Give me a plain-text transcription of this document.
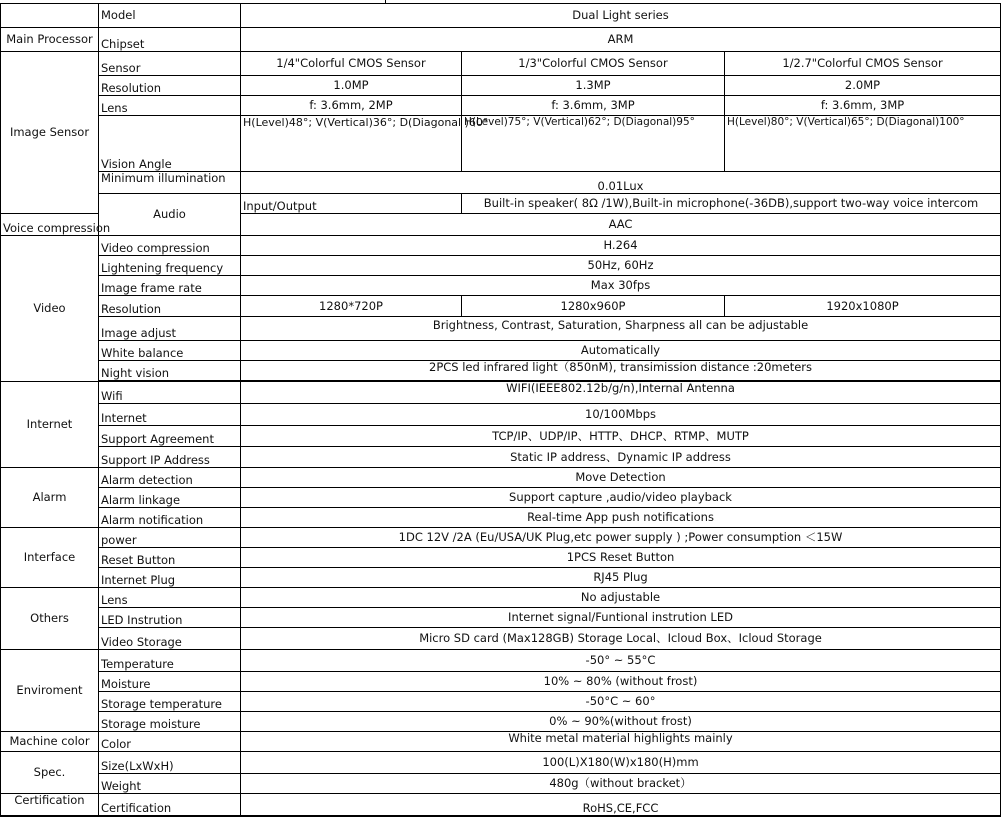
	Model	Dual Light series		
Main Processor	Chipset	ARM		
Image Sensor	Sensor	1/4"Colorful CMOS Sensor	1/3"Colorful CMOS Sensor	1/2.7"Colorful CMOS Sensor
	Resolution	1.0MP	1.3MP	2.0MP
	Lens	f: 3.6mm, 2MP	f: 3.6mm, 3MP	f: 3.6mm, 3MP
	Vision Angle	H(Level)48°; V(Vertical)36°; D(Diagonal )60°	H(Level)75°; V(Vertical)62°; D(Diagonal)95°	H(Level)80°; V(Vertical)65°; D(Diagonal)100°
	Minimum illumination	0.01Lux		
	Audio	Input/Output	Built-in speaker( 8Ω /1W),Built-in microphone(-36DB),support two-way voice intercom	
Voice compression		AAC		
Video	Video compression	H.264		
	Lightening frequency	50Hz, 60Hz		
	Image frame rate	Max 30fps		
	Resolution	1280*720P	1280x960P	1920x1080P
	Image adjust	Brightness, Contrast, Saturation, Sharpness all can be adjustable		
	White balance	Automatically		
	Night vision	2PCS led infrared light（850nM), transimission distance :20meters		

Internet	Wifi	WIFI(IEEE802.12b/g/n),Internal Antenna		
	Internet	10/100Mbps		
	Support Agreement	TCP/IP、UDP/IP、HTTP、DHCP、RTMP、MUTP		
	Support IP Address	Static IP address、Dynamic IP address		
Alarm	Alarm detection	Move Detection		
	Alarm linkage	Support capture ,audio/video playback		
	Alarm notification	Real-time App push notifications		
Interface	power	1DC 12V /2A (Eu/USA/UK Plug,etc power supply ) ;Power consumption ＜15W		
	Reset Button	1PCS Reset Button		
	Internet Plug	RJ45 Plug		
Others	Lens	No adjustable		
	LED Instrution	Internet signal/Funtional instrution LED		
	Video Storage	Micro SD card (Max128GB) Storage Local、Icloud Box、Icloud Storage		
Enviroment	Temperature	-50° ~ 55°C		
	Moisture	10% ~ 80% (without frost)		
	Storage temperature	-50°C ~ 60°		
	Storage moisture	0% ~ 90%(without frost)		
Machine color	Color	White metal material highlights mainly		
Spec.	Size(LxWxH)	100(L)X180(W)x180(H)mm		
	Weight	480g（without bracket）		
Certification	Certification	RoHS,CE,FCC		
